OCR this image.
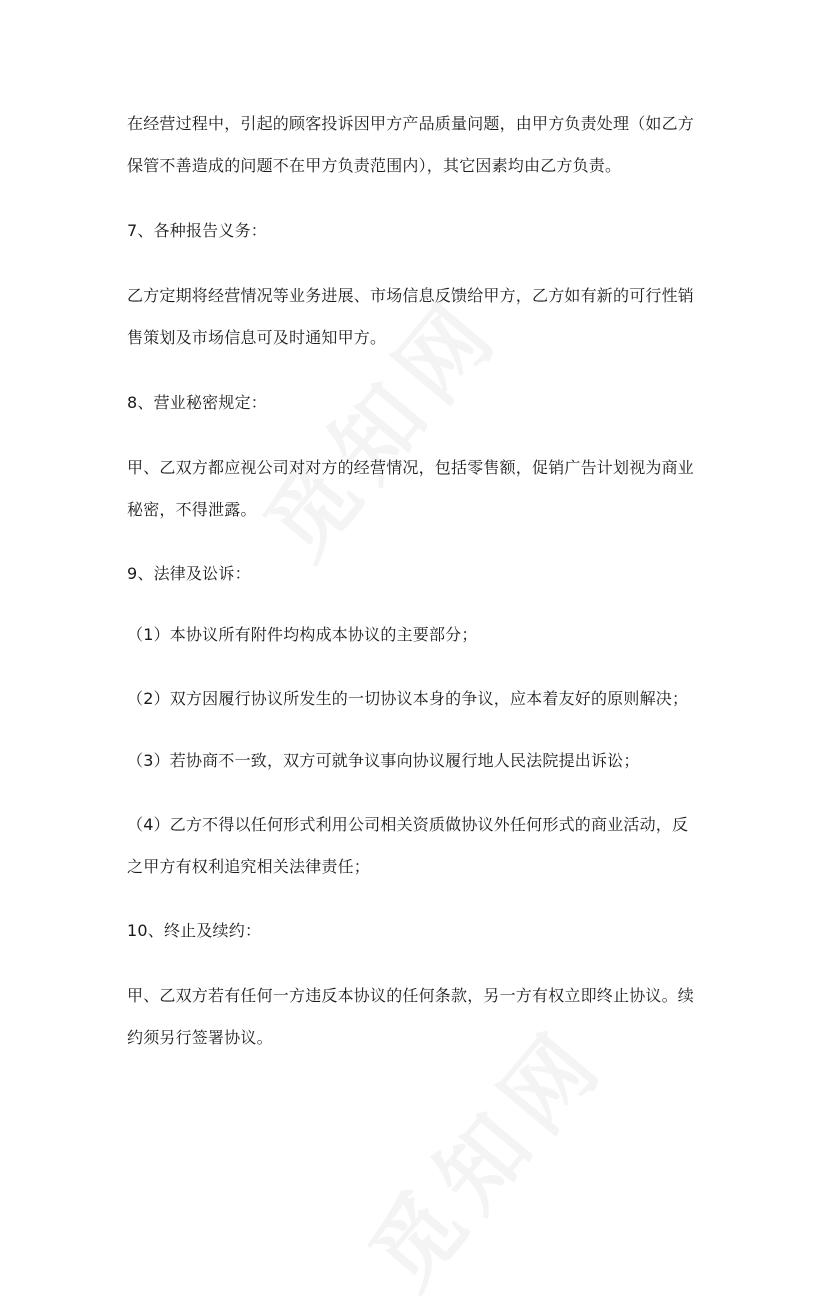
在经营过程中，引起的顾客投诉因甲方产品质量问题，由甲方负责处理（如乙方
保管不善造成的问题不在甲方负责范围内），其它因素均由乙方负责。
7、各种报告义务：
乙方定期将经营情况等业务进展、市场信息反馈给甲方，乙方如有新的可行性销
售策划及市场信息可及时通知甲方。
8、营业秘密规定：
甲、乙双方都应视公司对对方的经营情况，包括零售额，促销广告计划视为商业
秘密，不得泄露。
9、法律及讼诉：
（1）本协议所有附件均构成本协议的主要部分；
（2）双方因履行协议所发生的一切协议本身的争议，应本着友好的原则解决；
（3）若协商不一致，双方可就争议事向协议履行地人民法院提出诉讼；
（4）乙方不得以任何形式利用公司相关资质做协议外任何形式的商业活动，反
之甲方有权利追究相关法律责任；
10、终止及续约：
甲、乙双方若有任何一方违反本协议的任何条款，另一方有权立即终止协议。续
约须另行签署协议。
